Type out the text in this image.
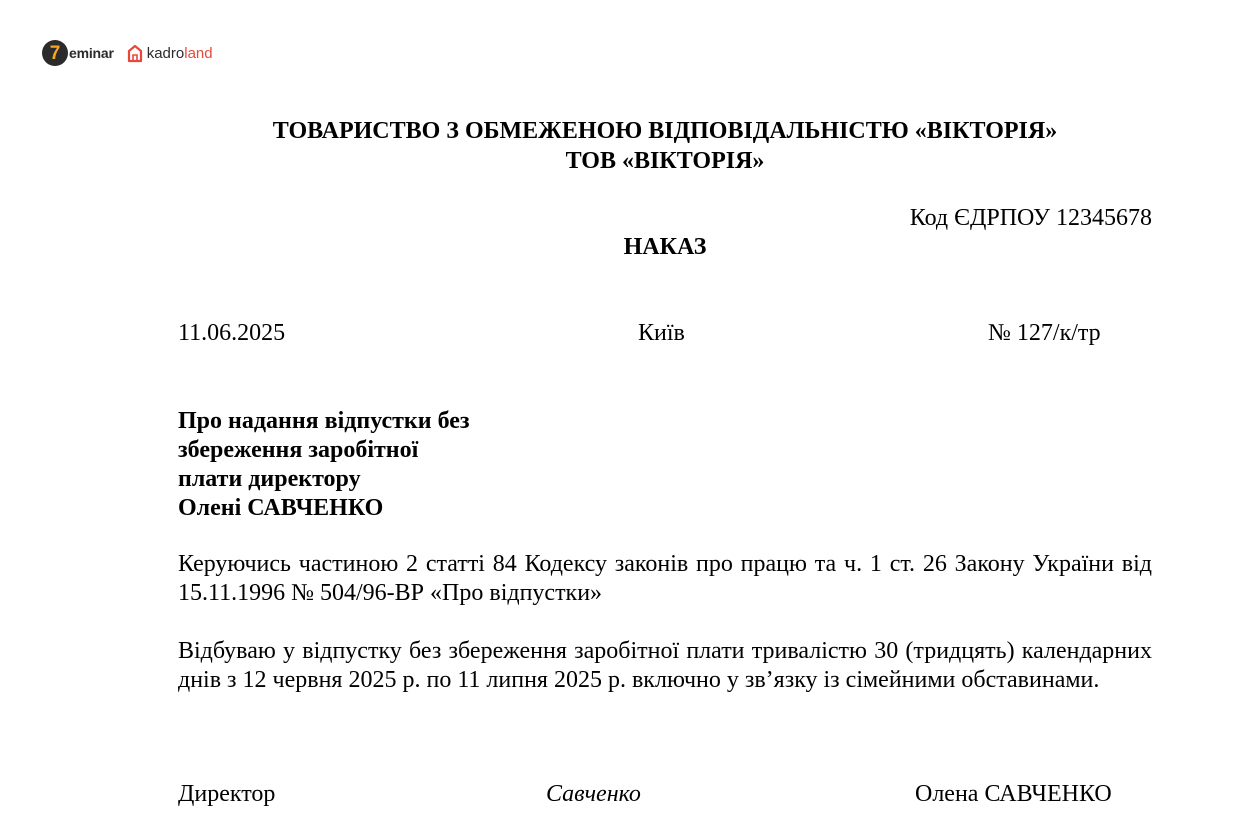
7 eminar kadroland
ТОВАРИСТВО З ОБМЕЖЕНОЮ ВІДПОВІДАЛЬНІСТЮ «ВІКТОРІЯ»
ТОВ «ВІКТОРІЯ»
Код ЄДРПОУ 12345678
НАКАЗ
11.06.2025	Київ	№ 127/к/тр
Про надання відпустки без
збереження заробітної
плати директору
Олені САВЧЕНКО
Керуючись частиною 2 статті 84 Кодексу законів про працю та ч. 1 ст. 26 Закону України від 15.11.1996 № 504/96-ВР «Про відпустки»
Відбуваю у відпустку без збереження заробітної плати тривалістю 30 (тридцять) календарних днів з 12 червня 2025 р. по 11 липня 2025 р. включно у зв’язку із сімейними обставинами.
Директор	Савченко	Олена САВЧЕНКО
